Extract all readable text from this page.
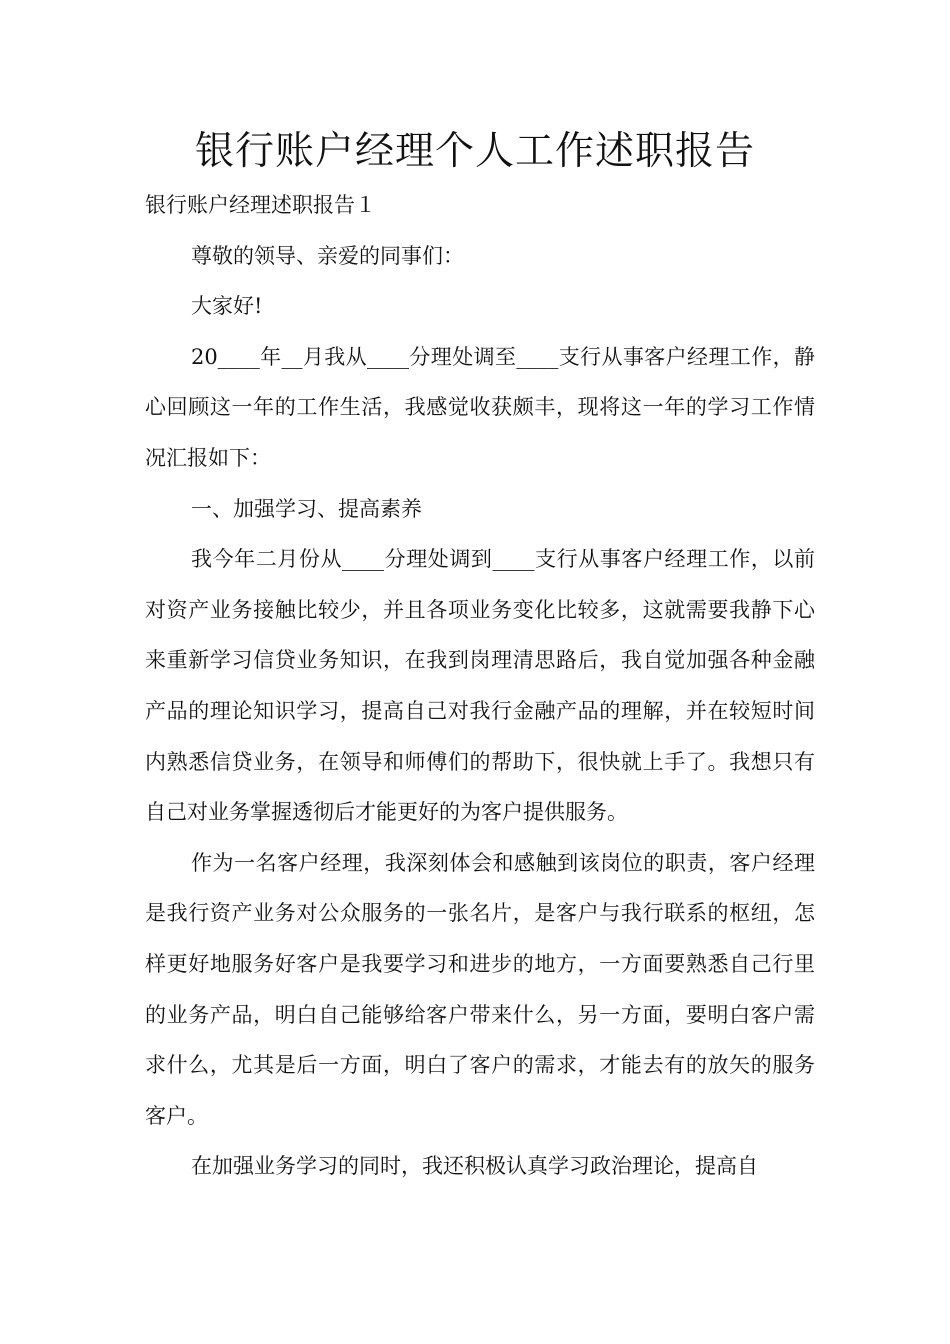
银行账户经理个人工作述职报告

银行账户经理述职报告１

尊敬的领导、亲爱的同事们：

大家好!

20____年__月我从____分理处调至____支行从事客户经理工作，静心回顾这一年的工作生活，我感觉收获颇丰，现将这一年的学习工作情况汇报如下：

一、加强学习、提高素养

我今年二月份从____分理处调到____支行从事客户经理工作，以前对资产业务接触比较少，并且各项业务变化比较多，这就需要我静下心来重新学习信贷业务知识，在我到岗理清思路后，我自觉加强各种金融产品的理论知识学习，提高自己对我行金融产品的理解，并在较短时间内熟悉信贷业务，在领导和师傅们的帮助下，很快就上手了。我想只有自己对业务掌握透彻后才能更好的为客户提供服务。

作为一名客户经理，我深刻体会和感触到该岗位的职责，客户经理是我行资产业务对公众服务的一张名片，是客户与我行联系的枢纽，怎样更好地服务好客户是我要学习和进步的地方，一方面要熟悉自己行里的业务产品，明白自己能够给客户带来什么，另一方面，要明白客户需求什么，尤其是后一方面，明白了客户的需求，才能去有的放矢的服务客户。

在加强业务学习的同时，我还积极认真学习政治理论，提高自
